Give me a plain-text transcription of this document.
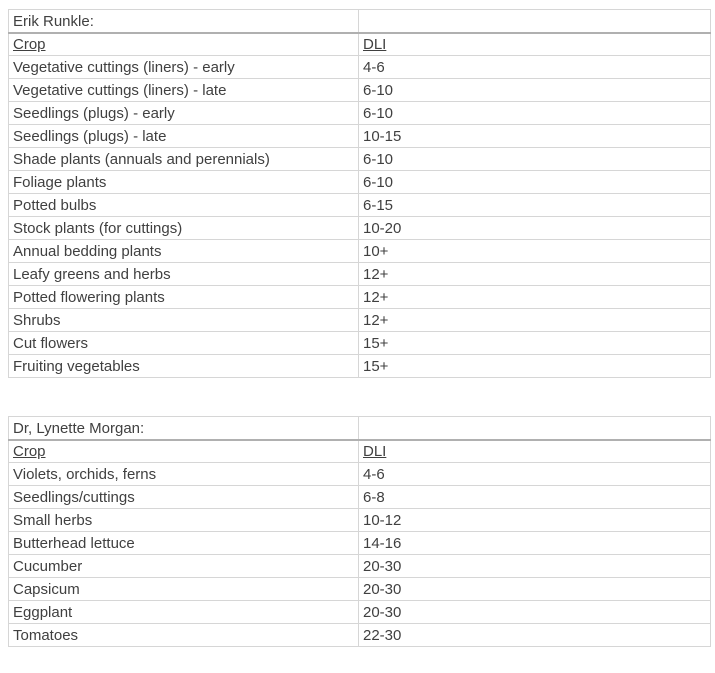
Erik Runkle:	
Crop	DLI
Vegetative cuttings (liners) - early	4-6
Vegetative cuttings (liners) - late	6-10
Seedlings (plugs) - early	6-10
Seedlings (plugs) - late	10-15
Shade plants (annuals and perennials)	6-10
Foliage plants	6-10
Potted bulbs	6-15
Stock plants (for cuttings)	10-20
Annual bedding plants	10+
Leafy greens and herbs	12+
Potted flowering plants	12+
Shrubs	12+
Cut flowers	15+
Fruiting vegetables	15+
Dr, Lynette Morgan:	
Crop	DLI
Violets, orchids, ferns	4-6
Seedlings/cuttings	6-8
Small herbs	10-12
Butterhead lettuce	14-16
Cucumber	20-30
Capsicum	20-30
Eggplant	20-30
Tomatoes	22-30
